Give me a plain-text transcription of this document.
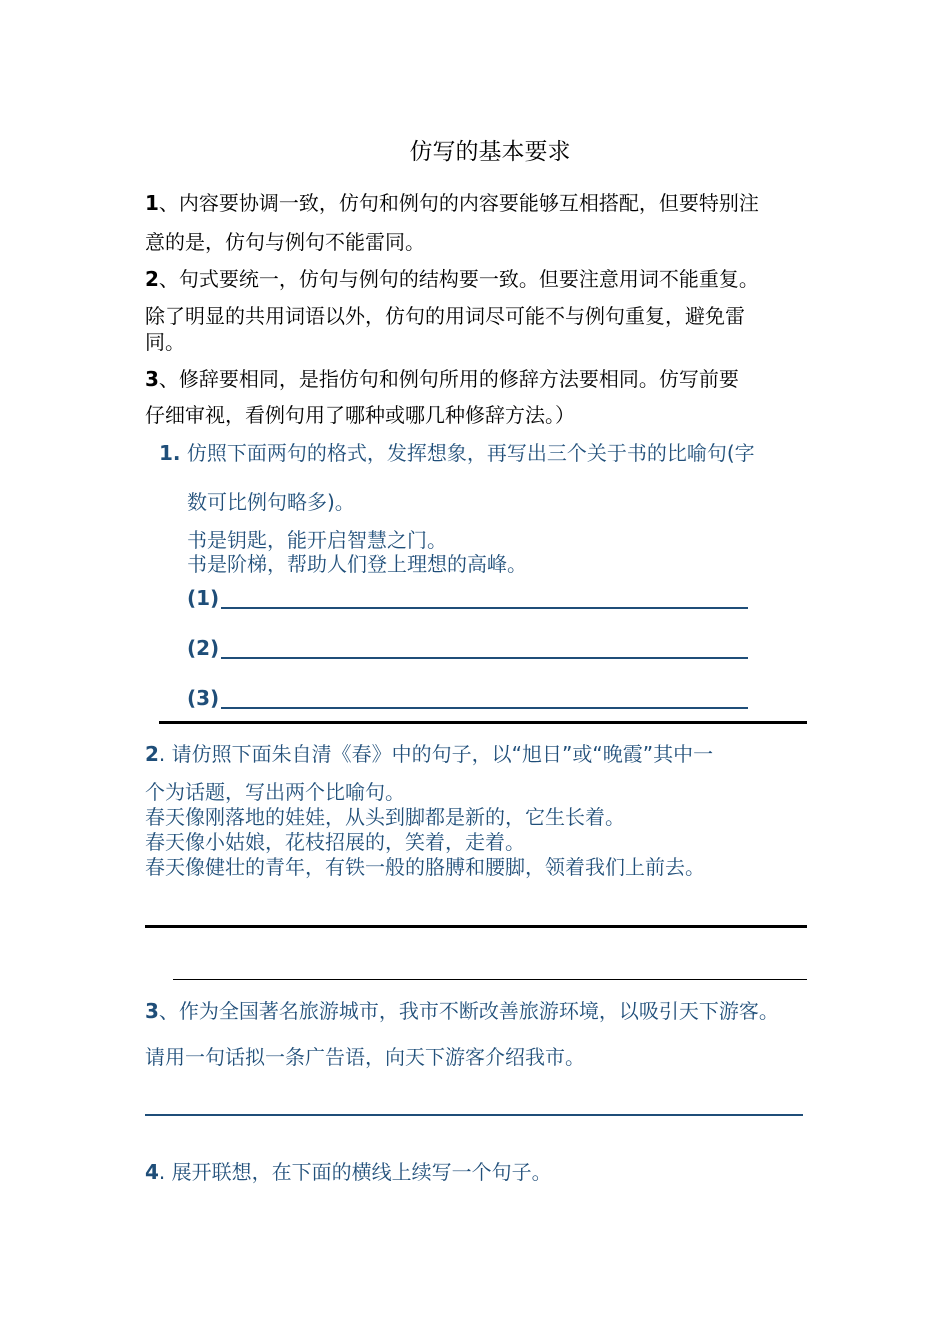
仿写的基本要求
1、内容要协调一致，仿句和例句的内容要能够互相搭配，但要特别注
意的是，仿句与例句不能雷同。
2、句式要统一，仿句与例句的结构要一致。但要注意用词不能重复。
除了明显的共用词语以外，仿句的用词尽可能不与例句重复，避免雷
同。
3、修辞要相同，是指仿句和例句所用的修辞方法要相同。仿写前要
仔细审视，看例句用了哪种或哪几种修辞方法。）
1. 仿照下面两句的格式，发挥想象，再写出三个关于书的比喻句(字
数可比例句略多)。
书是钥匙，能开启智慧之门。
书是阶梯，帮助人们登上理想的高峰。
(1)
(2)
(3)
2. 请仿照下面朱自清《春》中的句子，以“旭日”或“晚霞”其中一
个为话题，写出两个比喻句。
春天像刚落地的娃娃，从头到脚都是新的，它生长着。
春天像小姑娘，花枝招展的，笑着，走着。
春天像健壮的青年，有铁一般的胳膊和腰脚，领着我们上前去。
3、作为全国著名旅游城市，我市不断改善旅游环境，以吸引天下游客。
请用一句话拟一条广告语，向天下游客介绍我市。
4. 展开联想，在下面的横线上续写一个句子。
